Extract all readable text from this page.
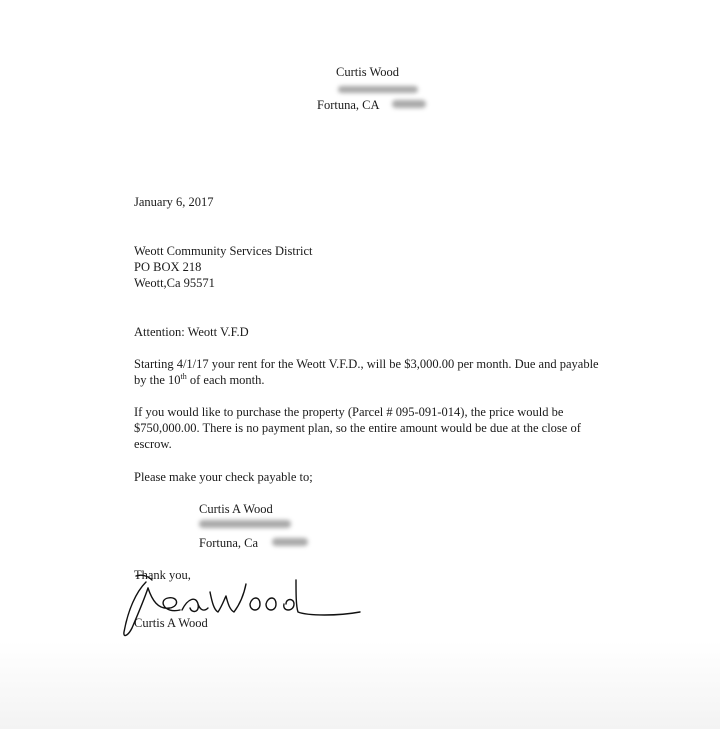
Curtis Wood
Fortuna, CA
January 6, 2017
Weott Community Services District
PO BOX 218
Weott,Ca 95571
Attention: Weott V.F.D
Starting 4/1/17 your rent for the Weott V.F.D., will be $3,000.00 per month. Due and payable by the 10th of each month.
If you would like to purchase the property (Parcel # 095-091-014), the price would be $750,000.00. There is no payment plan, so the entire amount would be due at the close of escrow.
Please make your check payable to;
Curtis A Wood
Fortuna, Ca
Thank you,
Curtis A Wood
